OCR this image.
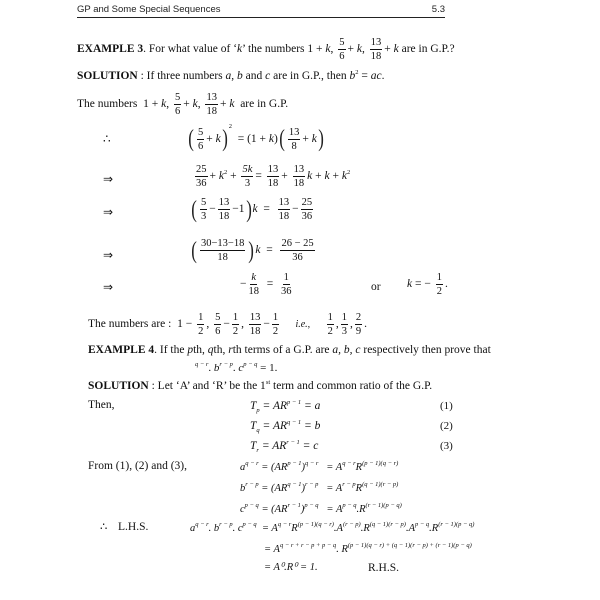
GP and Some Special Sequences	5.3
EXAMPLE 3. For what value of ‘k’ the numbers 1 + k, $\frac{5}{6} + k$, $\frac{13}{18} + k$ are in G.P.?
SOLUTION : If three numbers a, b and c are in G.P., then $b^2$ = ac.
The numbers  1 + k, $\frac{5}{6} + k$, $\frac{13}{18} + k$ are in G.P.
∴	( $\frac{5}{6} + k)^2 = (1 + k)( \frac{13}{8} + k)$
⇒	$\frac{25}{36} + k^2 + \frac{5k}{3} = \frac{13}{18} + \frac{13}{18}$ $k + k + k^2$
⇒	( $\frac{5}{3} - \frac{13}{18} -1)k = \frac{13}{18} - \frac{25}{36}$
⇒	( $\frac{30-13-18}{18} )k = \frac{26 - 25}{36}$
⇒	− $\frac{k}{18} = \frac{1}{36}$	or k = − $\frac{1}{2}$ .
The numbers are :  $1 - \frac{1}{2}$ , $\frac{5}{6} - \frac{1}{2}$ , $\frac{13}{18} - \frac{1}{2} i.e$., $\frac{1}{2}$ , $\frac{1}{3}$ , $\frac{2}{9}$ .
EXAMPLE 4. If the pth, qth, rth terms of a G.P. are a, b, c respectively then prove that
$^{q - r}$. $b^{r - p}$. $c^{p - q} = 1$.
SOLUTION : Let ‘A’ and ‘R’ be the 1st term and common ratio of the G.P.
Then,	$T_p = AR^{p - 1} = a$	(1)
$T_q = AR^{q - 1} = b$	(2)
$T_r = AR^{r - 1} = c$	(3)
From (1), (2) and (3),	$a^{q - r} = (AR^{p - 1})^{q - r} = A^{q - r}R^{(p - 1)(q - r)}$
$b^{r - p} = (AR^{q - 1})^{r - p} = A^{r - p}R^{(q - 1)(r - p)}$
$c^{p - q} = (AR^{r - 1})^{p - q} = A^{p - q}.R^{(r - 1)(p - q)}$
∴ L.H.S.	$a^{q - r}$. $b^{r - p}$. $c^{p - q} = A^{q - r}R^{(p - 1)(q - r)}.A^{(r - p)}.R^{(q - 1)(r - p)}.A^{p - q}.R^{(r - 1)(p - q)}$
= $A^{q - r + r - p + p - q}$. $R^{(p - 1)(q - r) + (q - 1)(r - p) + (r - 1)(p - q)}$
= A⁰.R⁰ = 1.	R.H.S.
